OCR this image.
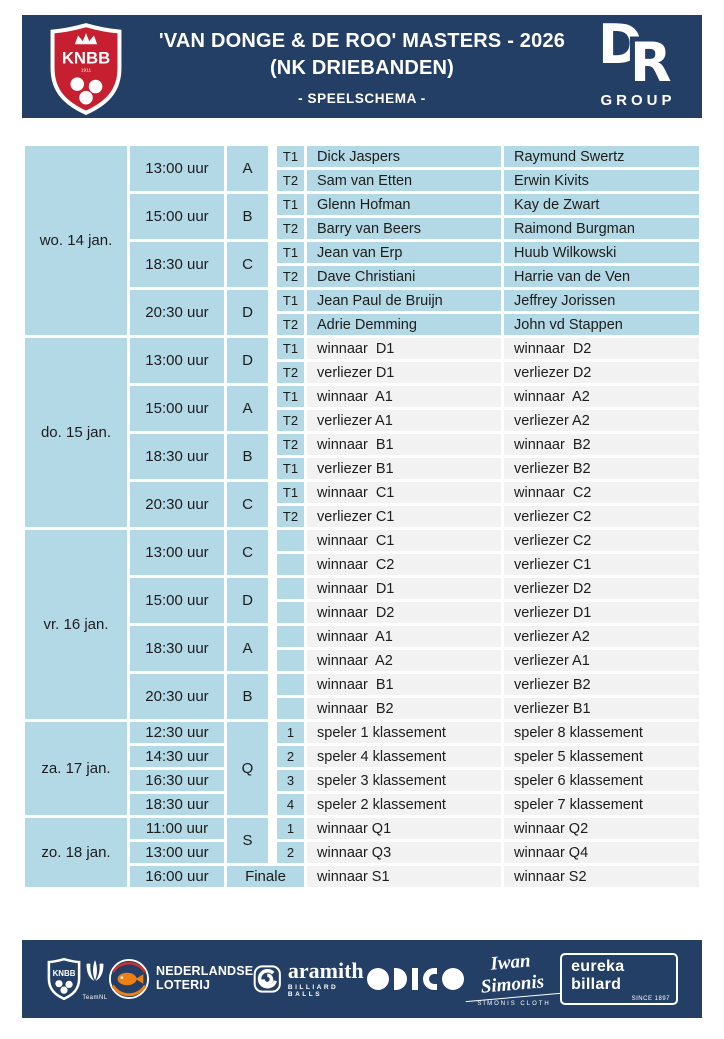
KNBB
1911
'VAN DONGE & DE ROO' MASTERS - 2026
(NK DRIEBANDEN)
- SPEELSCHEMA -
D
R
GROUP
wo. 14 jan.	13:00 uur	A	T1	Dick Jaspers	Raymund Swertz

			T2	Sam van Etten	Erwin Kivits
	15:00 uur	B	T1	Glenn Hofman	Kay de Zwart

			T2	Barry van Beers	Raimond Burgman
	18:30 uur	C	T1	Jean van Erp	Huub Wilkowski

			T2	Dave Christiani	Harrie van de Ven
	20:30 uur	D	T1	Jean Paul de Bruijn	Jeffrey Jorissen

			T2	Adrie Demming	John vd Stappen
do. 15 jan.	13:00 uur	D	T1	winnaar  D1	winnaar  D2

			T2	verliezer D1	verliezer D2
	15:00 uur	A	T1	winnaar  A1	winnaar  A2

			T2	verliezer A1	verliezer A2
	18:30 uur	B	T2	winnaar  B1	winnaar  B2

			T1	verliezer B1	verliezer B2
	20:30 uur	C	T1	winnaar  C1	winnaar  C2

			T2	verliezer C1	verliezer C2
vr. 16 jan.	13:00 uur	C		winnaar  C1	verliezer C2

				winnaar  C2	verliezer C1
	15:00 uur	D		winnaar  D1	verliezer D2

				winnaar  D2	verliezer D1
	18:30 uur	A		winnaar  A1	verliezer A2

				winnaar  A2	verliezer A1
	20:30 uur	B		winnaar  B1	verliezer B2

				winnaar  B2	verliezer B1
za. 17 jan.	12:30 uur	Q	1	speler 1 klassement	speler 8 klassement
	14:30 uur		2	speler 4 klassement	speler 5 klassement
	16:30 uur		3	speler 3 klassement	speler 6 klassement
	18:30 uur		4	speler 2 klassement	speler 7 klassement
zo. 18 jan.	11:00 uur	S	1	winnaar Q1	winnaar Q2
	13:00 uur		2	winnaar Q3	winnaar Q4
	16:00 uur	Finale		winnaar S1	winnaar S2
KNBB
TeamNL
NEDERLANDSE
LOTERIJ
aramith
BILLIARD BALLS
Iwan Simonis
SIMONIS CLOTH
eureka billard
SINCE 1897
